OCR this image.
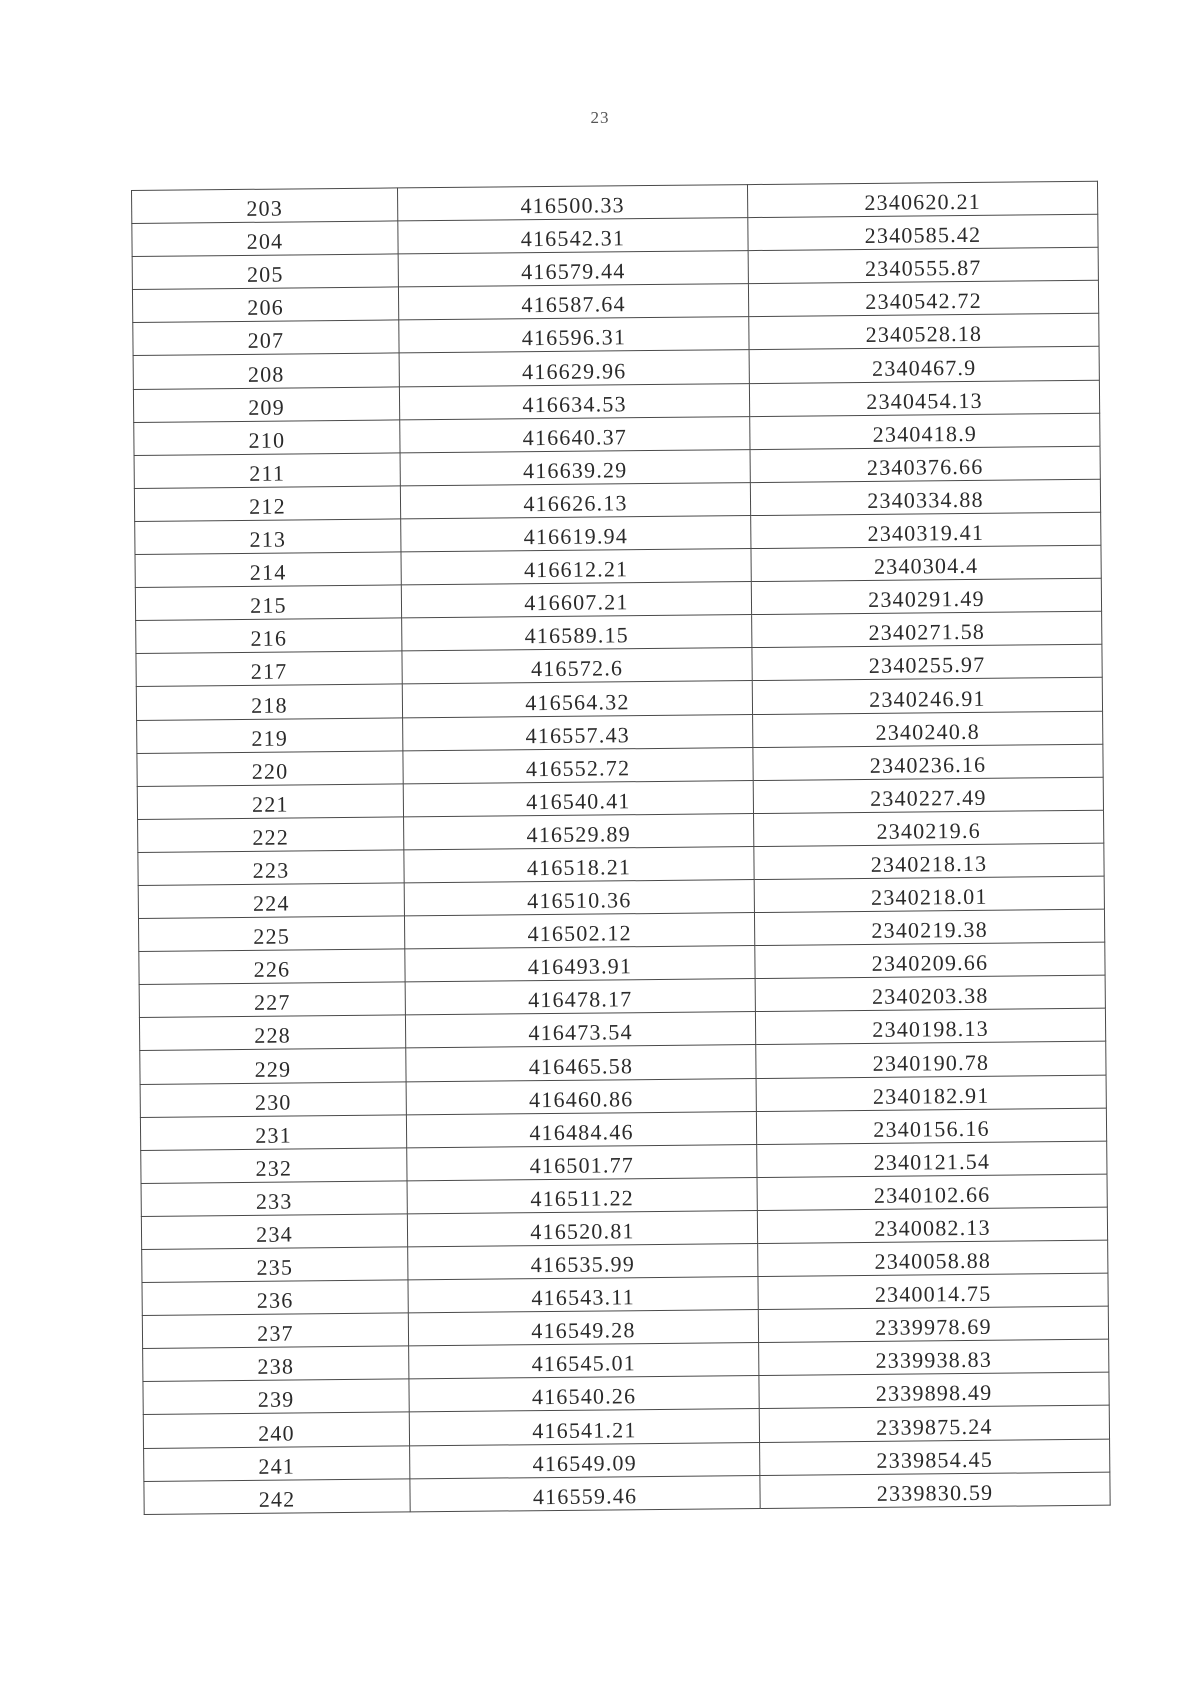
23
203	416500.33	2340620.21
204	416542.31	2340585.42
205	416579.44	2340555.87
206	416587.64	2340542.72
207	416596.31	2340528.18
208	416629.96	2340467.9
209	416634.53	2340454.13
210	416640.37	2340418.9
211	416639.29	2340376.66
212	416626.13	2340334.88
213	416619.94	2340319.41
214	416612.21	2340304.4
215	416607.21	2340291.49
216	416589.15	2340271.58
217	416572.6	2340255.97
218	416564.32	2340246.91
219	416557.43	2340240.8
220	416552.72	2340236.16
221	416540.41	2340227.49
222	416529.89	2340219.6
223	416518.21	2340218.13
224	416510.36	2340218.01
225	416502.12	2340219.38
226	416493.91	2340209.66
227	416478.17	2340203.38
228	416473.54	2340198.13
229	416465.58	2340190.78
230	416460.86	2340182.91
231	416484.46	2340156.16
232	416501.77	2340121.54
233	416511.22	2340102.66
234	416520.81	2340082.13
235	416535.99	2340058.88
236	416543.11	2340014.75
237	416549.28	2339978.69
238	416545.01	2339938.83
239	416540.26	2339898.49
240	416541.21	2339875.24
241	416549.09	2339854.45
242	416559.46	2339830.59
